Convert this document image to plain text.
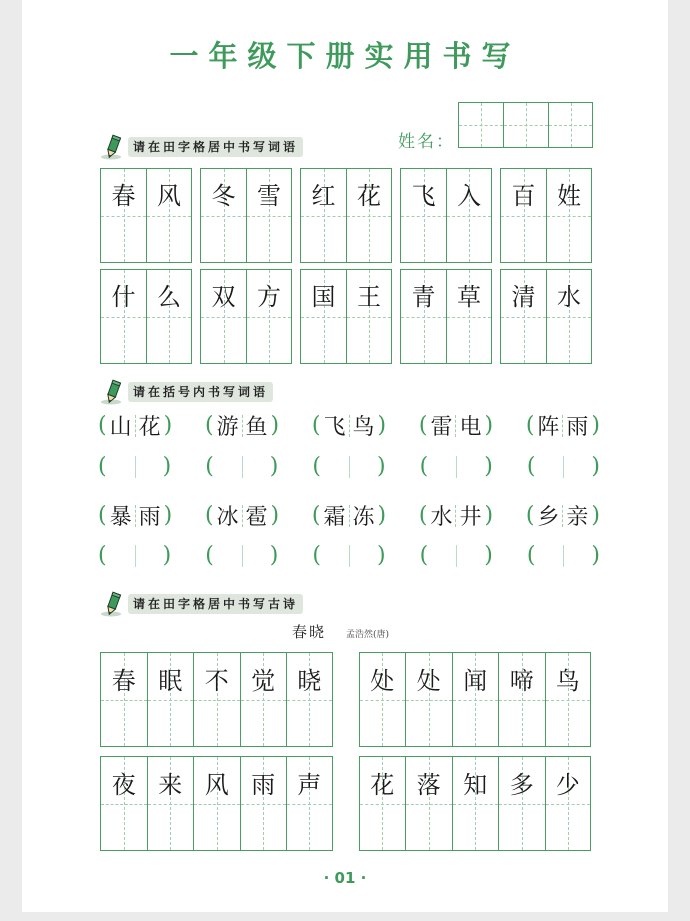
一年级下册实用书写
姓名：
请在田字格居中书写词语
春 风	冬 雪	红 花	飞 入	百 姓
什 么	双 方	国 王	青 草	清 水
请在括号内书写词语
( 山 花 ) ( 游 鱼 ) ( 飞 鸟 ) ( 雷 电 ) ( 阵 雨 )
(	) (	) (	) (	) (	)
( 暴 雨 ) ( 冰 雹 ) ( 霜 冻 ) ( 水 井 ) ( 乡 亲 )
(	) (	) (	) (	) (	)
请在田字格居中书写古诗
春晓 孟浩然(唐)
春 眠 不 觉 晓	处 处 闻 啼 鸟
夜 来 风 雨 声	花 落 知 多 少
· 01 ·
